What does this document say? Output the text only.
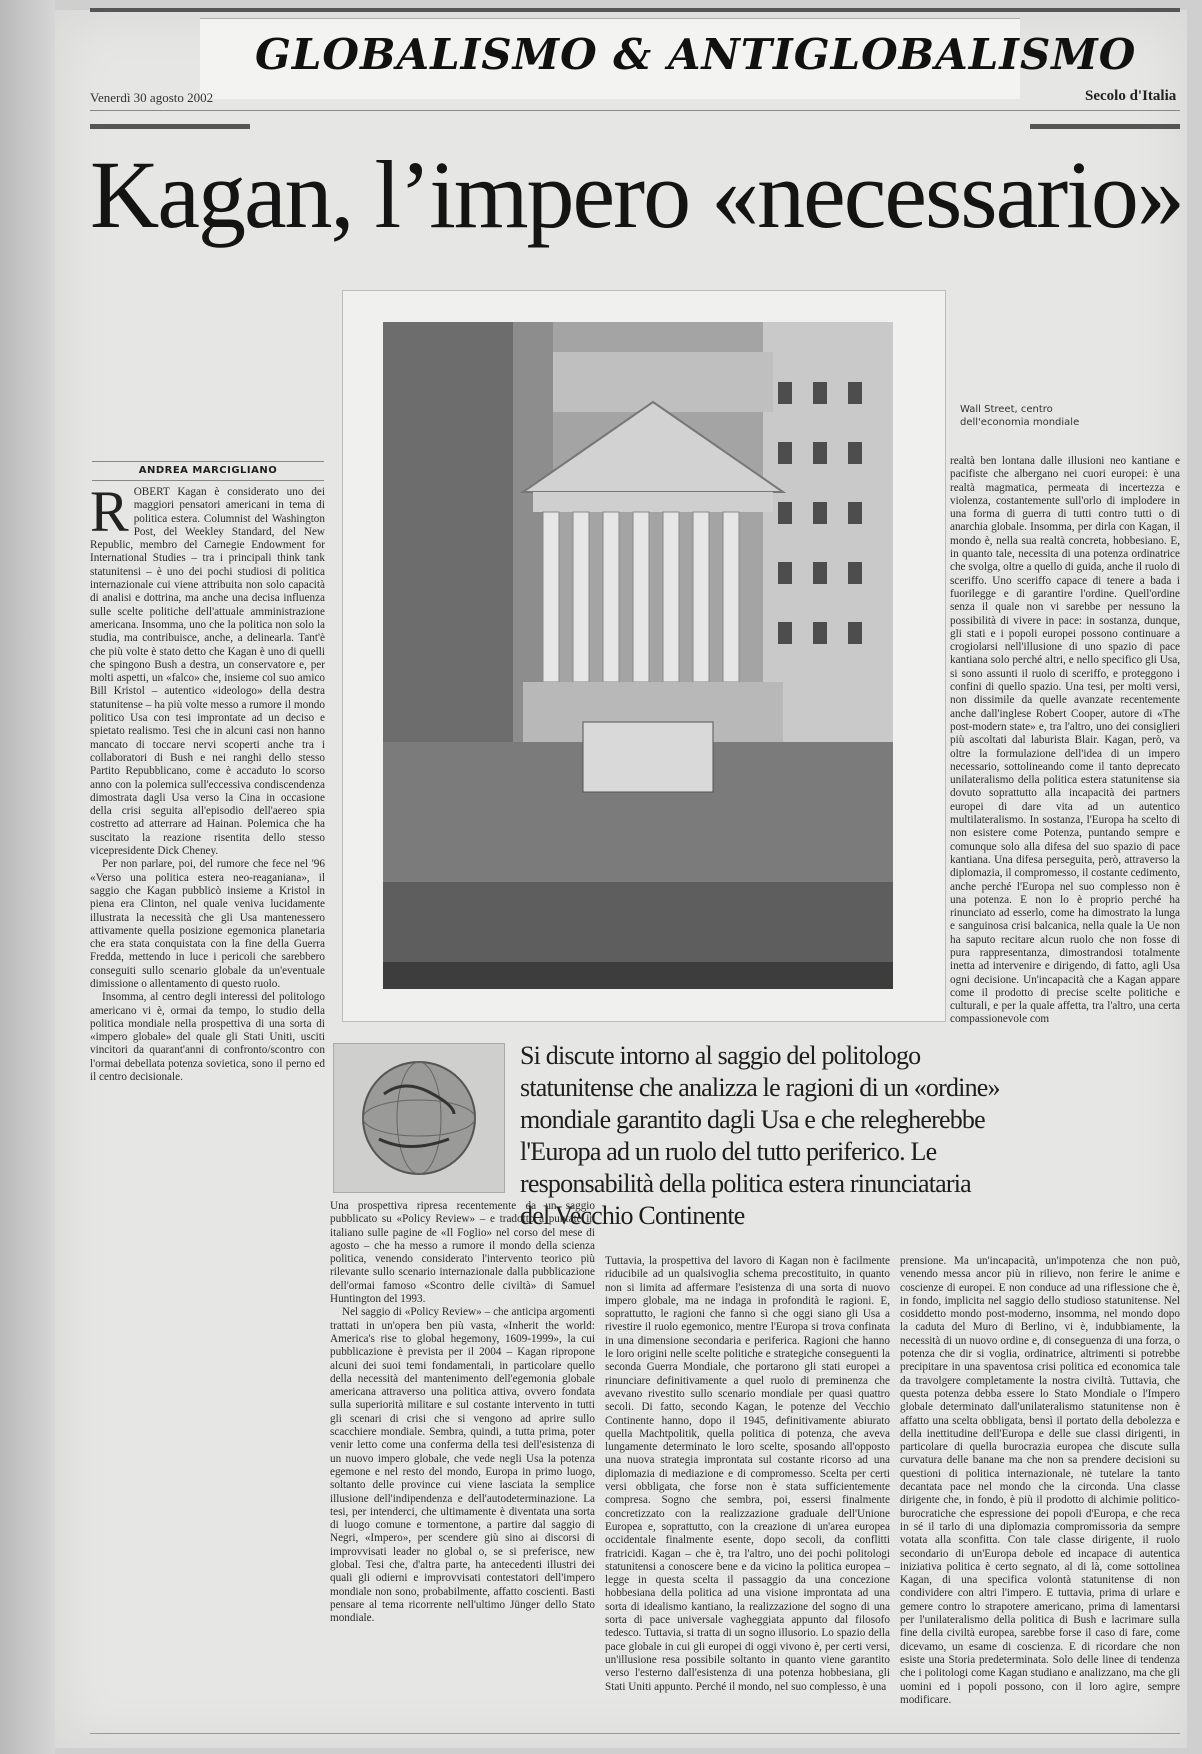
GLOBALISMO & ANTIGLOBALISMO
Venerdì 30 agosto 2002	Secolo d'Italia
Kagan, l’impero «necessario»
Wall Street, centro dell'economia mondiale
ANDREA MARCIGLIANO

ROBERT Kagan è considerato uno dei maggiori pensatori americani in tema di politica estera. Columnist del Washington Post, del Weekley Standard, del New Republic, membro del Carnegie Endowment for International Studies – tra i principali think tank statunitensi – è uno dei pochi studiosi di politica internazionale cui viene attribuita non solo capacità di analisi e dottrina, ma anche una decisa influenza sulle scelte politiche dell'attuale amministrazione americana. Insomma, uno che la politica non solo la studia, ma contribuisce, anche, a delinearla. Tant'è che più volte è stato detto che Kagan è uno di quelli che spingono Bush a destra, un conservatore e, per molti aspetti, un «falco» che, insieme col suo amico Bill Kristol – autentico «ideologo» della destra statunitense – ha più volte messo a rumore il mondo politico Usa con tesi improntate ad un deciso e spietato realismo. Tesi che in alcuni casi non hanno mancato di toccare nervi scoperti anche tra i collaboratori di Bush e nei ranghi dello stesso Partito Repubblicano, come è accaduto lo scorso anno con la polemica sull'eccessiva condiscendenza dimostrata dagli Usa verso la Cina in occasione della crisi seguita all'episodio dell'aereo spia costretto ad atterrare ad Hainan. Polemica che ha suscitato la reazione risentita dello stesso vicepresidente Dick Cheney.

Per non parlare, poi, del rumore che fece nel '96 «Verso una politica estera neo-reaganiana», il saggio che Kagan pubblicò insieme a Kristol in piena era Clinton, nel quale veniva lucidamente illustrata la necessità che gli Usa mantenessero attivamente quella posizione egemonica planetaria che era stata conquistata con la fine della Guerra Fredda, mettendo in luce i pericoli che sarebbero conseguiti sullo scenario globale da un'eventuale dimissione o allentamento di questo ruolo.

Insomma, al centro degli interessi del politologo americano vi è, ormai da tempo, lo studio della politica mondiale nella prospettiva di una sorta di «impero globale» del quale gli Stati Uniti, usciti vincitori da quarant'anni di confronto/scontro con l'ormai debellata potenza sovietica, sono il perno ed il centro decisionale.

Si discute intorno al saggio del politologo statunitense che analizza le ragioni di un «ordine» mondiale garantito dagli Usa e che relegherebbe l'Europa ad un ruolo del tutto periferico. Le responsabilità della politica estera rinunciataria del Vecchio Continente

realtà ben lontana dalle illusioni neo kantiane e pacifiste che albergano nei cuori europei: è una realtà magmatica, permeata di incertezza e violenza, costantemente sull'orlo di implodere in una forma di guerra di tutti contro tutti o di anarchia globale. Insomma, per dirla con Kagan, il mondo è, nella sua realtà concreta, hobbesiano. E, in quanto tale, necessita di una potenza ordinatrice che svolga, oltre a quello di guida, anche il ruolo di sceriffo. Uno sceriffo capace di tenere a bada i fuorilegge e di garantire l'ordine. Quell'ordine senza il quale non vi sarebbe per nessuno la possibilità di vivere in pace: in sostanza, dunque, gli stati e i popoli europei possono continuare a crogiolarsi nell'illusione di uno spazio di pace kantiana solo perché altri, e nello specifico gli Usa, si sono assunti il ruolo di sceriffo, e proteggono i confini di quello spazio. Una tesi, per molti versi, non dissimile da quelle avanzate recentemente anche dall'inglese Robert Cooper, autore di «The post-modern state» e, tra l'altro, uno dei consiglieri più ascoltati dal laburista Blair. Kagan, però, va oltre la formulazione dell'idea di un impero necessario, sottolineando come il tanto deprecato unilateralismo della politica estera statunitense sia dovuto soprattutto alla incapacità dei partners europei di dare vita ad un autentico multilateralismo. In sostanza, l'Europa ha scelto di non esistere come Potenza, puntando sempre e comunque solo alla difesa del suo spazio di pace kantiana. Una difesa perseguita, però, attraverso la diplomazia, il compromesso, il costante cedimento, anche perché l'Europa nel suo complesso non è una potenza. E non lo è proprio perché ha rinunciato ad esserlo, come ha dimostrato la lunga e sanguinosa crisi balcanica, nella quale la Ue non ha saputo recitare alcun ruolo che non fosse di pura rappresentanza, dimostrandosi totalmente inetta ad intervenire e dirigendo, di fatto, agli Usa ogni decisione. Un'incapacità che a Kagan appare come il prodotto di precise scelte politiche e culturali, e per la quale affetta, tra l'altro, una certa compassionevole com

Una prospettiva ripresa recentemente da un saggio pubblicato su «Policy Review» – e tradotto a puntate in italiano sulle pagine de «Il Foglio» nel corso del mese di agosto – che ha messo a rumore il mondo della scienza politica, venendo considerato l'intervento teorico più rilevante sullo scenario internazionale dalla pubblicazione dell'ormai famoso «Scontro delle civiltà» di Samuel Huntington del 1993.

Nel saggio di «Policy Review» – che anticipa argomenti trattati in un'opera ben più vasta, «Inherit the world: America's rise to global hegemony, 1609-1999», la cui pubblicazione è prevista per il 2004 – Kagan ripropone alcuni dei suoi temi fondamentali, in particolare quello della necessità del mantenimento dell'egemonia globale americana attraverso una politica attiva, ovvero fondata sulla superiorità militare e sul costante intervento in tutti gli scenari di crisi che si vengono ad aprire sullo scacchiere mondiale. Sembra, quindi, a tutta prima, poter venir letto come una conferma della tesi dell'esistenza di un nuovo impero globale, che vede negli Usa la potenza egemone e nel resto del mondo, Europa in primo luogo, soltanto delle province cui viene lasciata la semplice illusione dell'indipendenza e dell'autodeterminazione. La tesi, per intenderci, che ultimamente è diventata una sorta di luogo comune e tormentone, a partire dal saggio di Negri, «Impero», per scendere giù sino ai discorsi di improvvisati leader no global o, se si preferisce, new global. Tesi che, d'altra parte, ha antecedenti illustri dei quali gli odierni e improvvisati contestatori dell'impero mondiale non sono, probabilmente, affatto coscienti. Basti pensare al tema ricorrente nell'ultimo Jünger dello Stato mondiale.

Tuttavia, la prospettiva del lavoro di Kagan non è facilmente riducibile ad un qualsivoglia schema precostituito, in quanto non si limita ad affermare l'esistenza di una sorta di nuovo impero globale, ma ne indaga in profondità le ragioni. E, soprattutto, le ragioni che fanno sì che oggi siano gli Usa a rivestire il ruolo egemonico, mentre l'Europa si trova confinata in una dimensione secondaria e periferica. Ragioni che hanno le loro origini nelle scelte politiche e strategiche conseguenti la seconda Guerra Mondiale, che portarono gli stati europei a rinunciare definitivamente a quel ruolo di preminenza che avevano rivestito sullo scenario mondiale per quasi quattro secoli. Di fatto, secondo Kagan, le potenze del Vecchio Continente hanno, dopo il 1945, definitivamente abiurato quella Machtpolitik, quella politica di potenza, che aveva lungamente determinato le loro scelte, sposando all'opposto una nuova strategia improntata sul costante ricorso ad una diplomazia di mediazione e di compromesso. Scelta per certi versi obbligata, che forse non è stata sufficientemente compresa. Sogno che sembra, poi, essersi finalmente concretizzato con la realizzazione graduale dell'Unione Europea e, soprattutto, con la creazione di un'area europea occidentale finalmente esente, dopo secoli, da conflitti fratricidi. Kagan – che è, tra l'altro, uno dei pochi politologi statunitensi a conoscere bene e da vicino la politica europea – legge in questa scelta il passaggio da una concezione hobbesiana della politica ad una visione improntata ad una sorta di idealismo kantiano, la realizzazione del sogno di una sorta di pace universale vagheggiata appunto dal filosofo tedesco. Tuttavia, si tratta di un sogno illusorio. Lo spazio della pace globale in cui gli europei di oggi vivono è, per certi versi, un'illusione resa possibile soltanto in quanto viene garantito verso l'esterno dall'esistenza di una potenza hobbesiana, gli Stati Uniti appunto. Perché il mondo, nel suo complesso, è una

prensione. Ma un'incapacità, un'impotenza che non può, venendo messa ancor più in rilievo, non ferire le anime e coscienze di europei. E non conduce ad una riflessione che è, in fondo, implicita nel saggio dello studioso statunitense. Nel cosiddetto mondo post-moderno, insomma, nel mondo dopo la caduta del Muro di Berlino, vi è, indubbiamente, la necessità di un nuovo ordine e, di conseguenza di una forza, o potenza che dir si voglia, ordinatrice, altrimenti si potrebbe precipitare in una spaventosa crisi politica ed economica tale da travolgere completamente la nostra civiltà. Tuttavia, che questa potenza debba essere lo Stato Mondiale o l'Impero globale determinato dall'unilateralismo statunitense non è affatto una scelta obbligata, bensì il portato della debolezza e della inettitudine dell'Europa e delle sue classi dirigenti, in particolare di quella burocrazia europea che discute sulla curvatura delle banane ma che non sa prendere decisioni su questioni di politica internazionale, nè tutelare la tanto decantata pace nel mondo che la circonda. Una classe dirigente che, in fondo, è più il prodotto di alchimie politico-burocratiche che espressione dei popoli d'Europa, e che reca in sé il tarlo di una diplomazia compromissoria da sempre votata alla sconfitta. Con tale classe dirigente, il ruolo secondario di un'Europa debole ed incapace di autentica iniziativa politica è certo segnato, al di là, come sottolinea Kagan, di una specifica volontà statunitense di non condividere con altri l'impero. E tuttavia, prima di urlare e gemere contro lo strapotere americano, prima di lamentarsi per l'unilateralismo della politica di Bush e lacrimare sulla fine della civiltà europea, sarebbe forse il caso di fare, come dicevamo, un esame di coscienza. E di ricordare che non esiste una Storia predeterminata. Solo delle linee di tendenza che i politologi come Kagan studiano e analizzano, ma che gli uomini ed i popoli possono, con il loro agire, sempre modificare.
